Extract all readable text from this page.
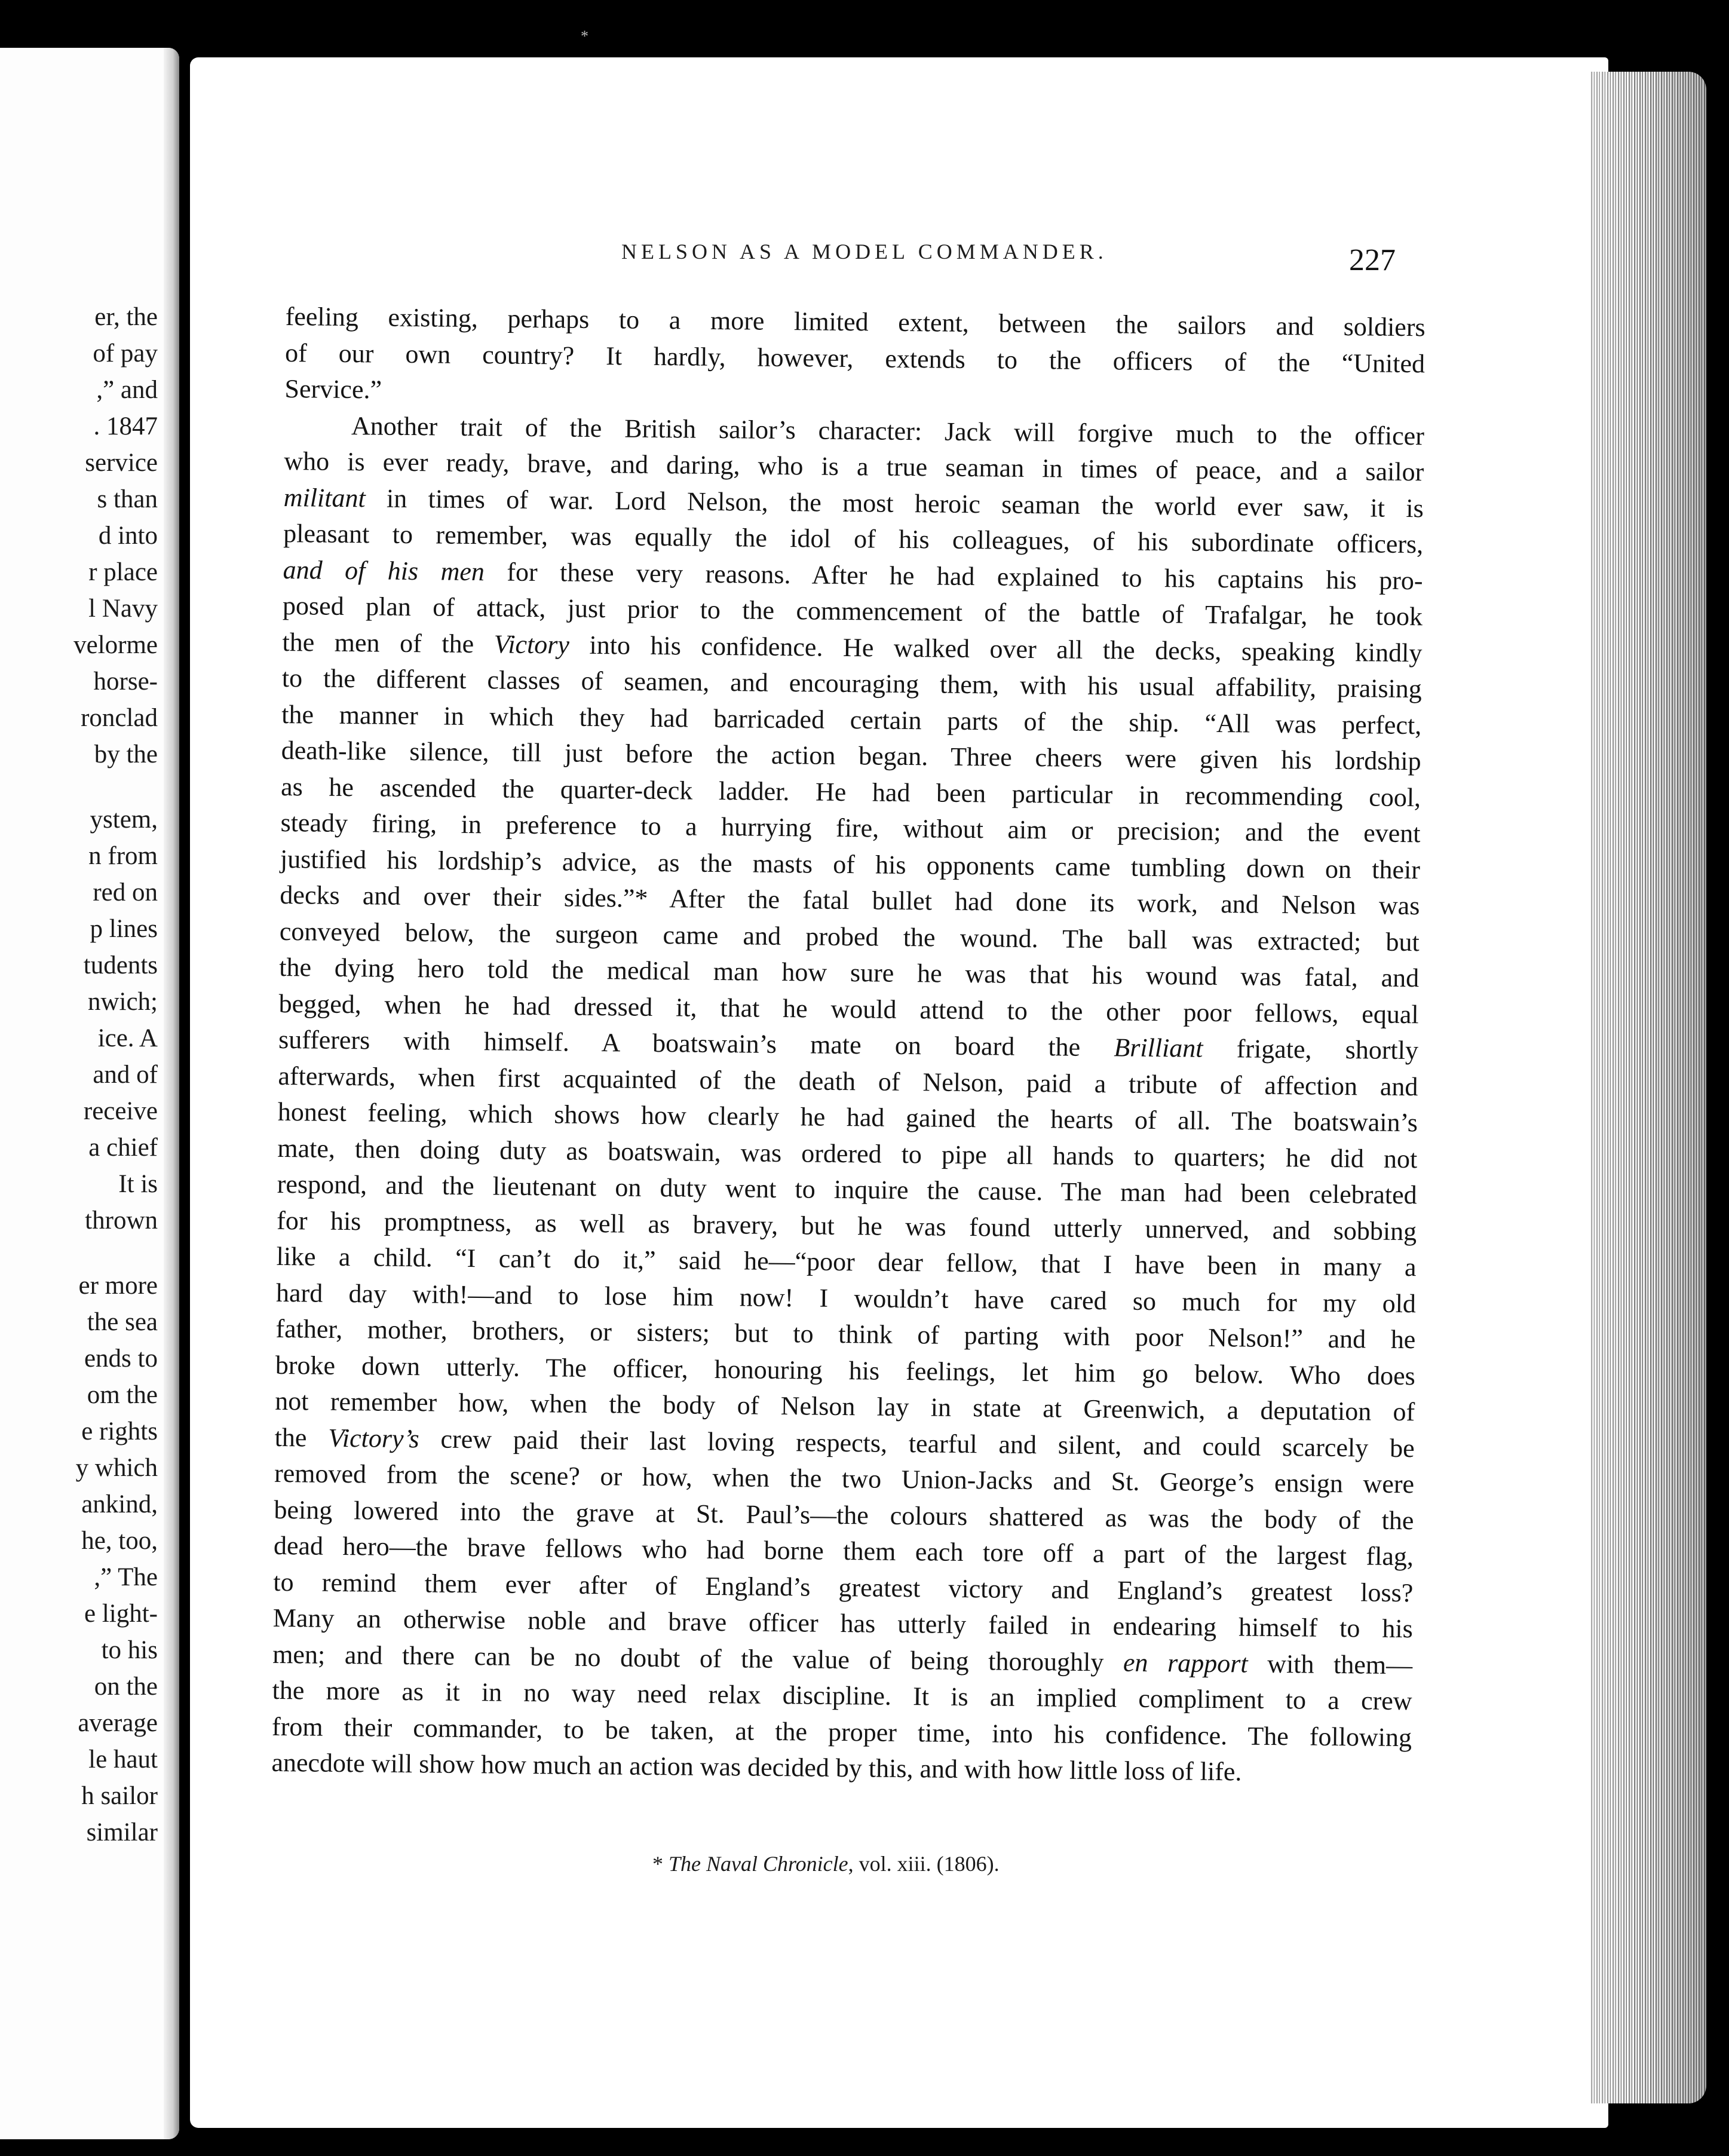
er, the
of pay
,” and
. 1847
service
s than
d into
r place
l Navy
velorme
horse-
ronclad
by the
ystem,
n from
red on
p lines
tudents
nwich;
ice. A
and of
receive
a chief
It is
thrown
er more
the sea
ends to
om the
e rights
y which
ankind,
he, too,
,” The
e light-
to his
on the
average
le haut
h sailor
similar
*
NELSON AS A MODEL COMMANDER.	227
feeling existing, perhaps to a more limited extent, between the sailors and soldiers
of our own country? It hardly, however, extends to the officers of the “United
Service.”
Another trait of the British sailor’s character: Jack will forgive much to the officer
who is ever ready, brave, and daring, who is a true seaman in times of peace, and a sailor
militant in times of war. Lord Nelson, the most heroic seaman the world ever saw, it is
pleasant to remember, was equally the idol of his colleagues, of his subordinate officers,
and of his men for these very reasons. After he had explained to his captains his pro-
posed plan of attack, just prior to the commencement of the battle of Trafalgar, he took
the men of the Victory into his confidence. He walked over all the decks, speaking kindly
to the different classes of seamen, and encouraging them, with his usual affability, praising
the manner in which they had barricaded certain parts of the ship. “All was perfect,
death-like silence, till just before the action began. Three cheers were given his lordship
as he ascended the quarter-deck ladder. He had been particular in recommending cool,
steady firing, in preference to a hurrying fire, without aim or precision; and the event
justified his lordship’s advice, as the masts of his opponents came tumbling down on their
decks and over their sides.”* After the fatal bullet had done its work, and Nelson was
conveyed below, the surgeon came and probed the wound. The ball was extracted; but
the dying hero told the medical man how sure he was that his wound was fatal, and
begged, when he had dressed it, that he would attend to the other poor fellows, equal
sufferers with himself. A boatswain’s mate on board the Brilliant frigate, shortly
afterwards, when first acquainted of the death of Nelson, paid a tribute of affection and
honest feeling, which shows how clearly he had gained the hearts of all. The boatswain’s
mate, then doing duty as boatswain, was ordered to pipe all hands to quarters; he did not
respond, and the lieutenant on duty went to inquire the cause. The man had been celebrated
for his promptness, as well as bravery, but he was found utterly unnerved, and sobbing
like a child. “I can’t do it,” said he—“poor dear fellow, that I have been in many a
hard day with!—and to lose him now! I wouldn’t have cared so much for my old
father, mother, brothers, or sisters; but to think of parting with poor Nelson!” and he
broke down utterly. The officer, honouring his feelings, let him go below. Who does
not remember how, when the body of Nelson lay in state at Greenwich, a deputation of
the Victory’s crew paid their last loving respects, tearful and silent, and could scarcely be
removed from the scene? or how, when the two Union-Jacks and St. George’s ensign were
being lowered into the grave at St. Paul’s—the colours shattered as was the body of the
dead hero—the brave fellows who had borne them each tore off a part of the largest flag,
to remind them ever after of England’s greatest victory and England’s greatest loss?
Many an otherwise noble and brave officer has utterly failed in endearing himself to his
men; and there can be no doubt of the value of being thoroughly en rapport with them—
the more as it in no way need relax discipline. It is an implied compliment to a crew
from their commander, to be taken, at the proper time, into his confidence. The following
anecdote will show how much an action was decided by this, and with how little loss of life.
* The Naval Chronicle, vol. xiii. (1806).
